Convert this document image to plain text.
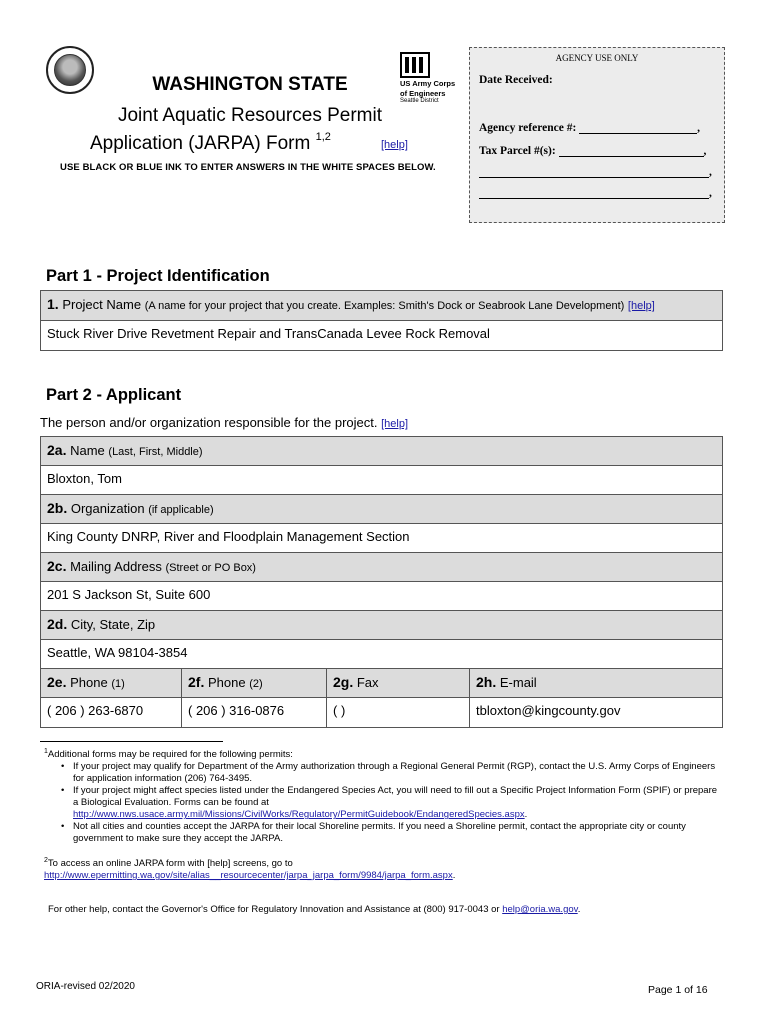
WASHINGTON STATE
Joint Aquatic Resources Permit
Application (JARPA) Form $^{1,2}$
[help]
USE BLACK OR BLUE INK TO ENTER ANSWERS IN THE WHITE SPACES BELOW.
US Army Corps
of Engineers
Seattle District
AGENCY USE ONLY
Date Received:
Agency reference #:	,
Tax Parcel #(s):	,
,
,
Part 1 - Project Identification
1. Project Name (A name for your project that you create. Examples: Smith's Dock or Seabrook Lane Development) [help]
Stuck River Drive Revetment Repair and TransCanada Levee Rock Removal
Part 2 - Applicant
The person and/or organization responsible for the project. [help]
2a. Name (Last, First, Middle)
Bloxton, Tom
2b. Organization (if applicable)
King County DNRP, River and Floodplain Management Section
2c. Mailing Address (Street or PO Box)
201 S Jackson St, Suite 600
2d. City, State, Zip
Seattle, WA 98104-3854
2e. Phone (1)	2f. Phone (2)	2g. Fax	2h. E-mail
( 206 ) 263-6870	( 206 ) 316-0876	( )	tbloxton@kingcounty.gov
$^1$Additional forms may be required for the following permits:
• If your project may qualify for Department of the Army authorization through a Regional General Permit (RGP), contact the U.S. Army Corps of Engineers for application information (206) 764-3495.
• If your project might affect species listed under the Endangered Species Act, you will need to fill out a Specific Project Information Form (SPIF) or prepare a Biological Evaluation. Forms can be found at http://www.nws.usace.army.mil/Missions/CivilWorks/Regulatory/PermitGuidebook/EndangeredSpecies.aspx.
• Not all cities and counties accept the JARPA for their local Shoreline permits. If you need a Shoreline permit, contact the appropriate city or county government to make sure they accept the JARPA.
$^2$To access an online JARPA form with [help] screens, go to
http://www.epermitting.wa.gov/site/alias__resourcecenter/jarpa_jarpa_form/9984/jarpa_form.aspx.
For other help, contact the Governor's Office for Regulatory Innovation and Assistance at (800) 917-0043 or help@oria.wa.gov.
ORIA-revised 02/2020	Page 1 of 16
